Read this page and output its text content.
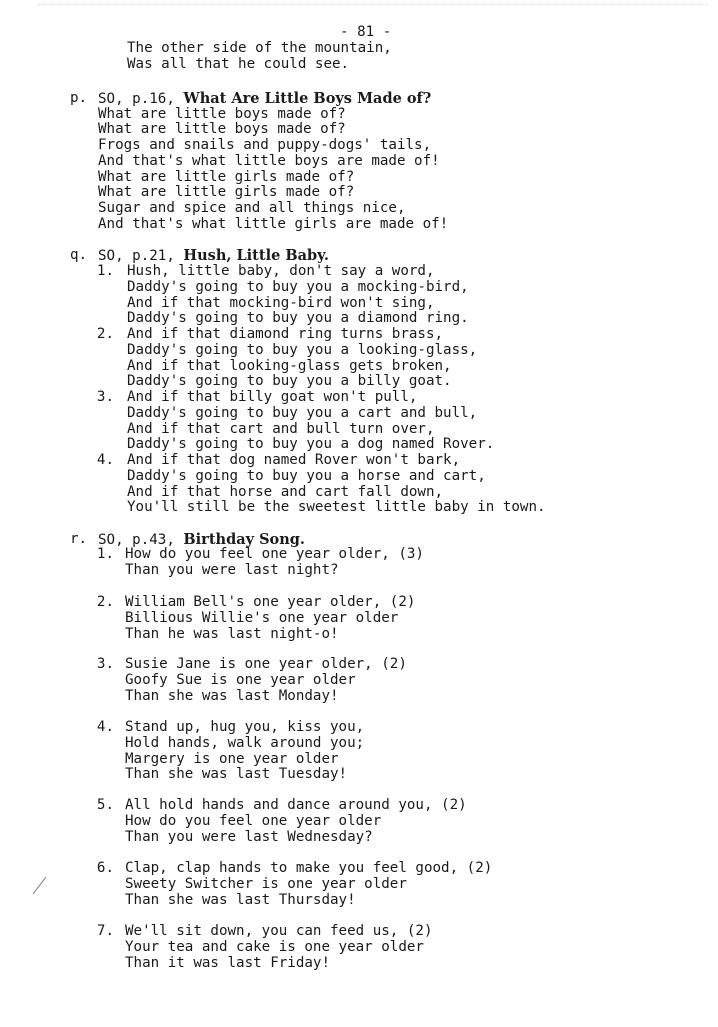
- 81 -
The other side of the mountain,
Was all that he could see.
p. SO, p.16, What Are Little Boys Made of?
What are little boys made of?
What are little boys made of?
Frogs and snails and puppy-dogs' tails,
And that's what little boys are made of!
What are little girls made of?
What are little girls made of?
Sugar and spice and all things nice,
And that's what little girls are made of!
q. SO, p.21, Hush, Little Baby.
1. Hush, little baby, don't say a word,
Daddy's going to buy you a mocking-bird,
And if that mocking-bird won't sing,
Daddy's going to buy you a diamond ring.
2. And if that diamond ring turns brass,
Daddy's going to buy you a looking-glass,
And if that looking-glass gets broken,
Daddy's going to buy you a billy goat.
3. And if that billy goat won't pull,
Daddy's going to buy you a cart and bull,
And if that cart and bull turn over,
Daddy's going to buy you a dog named Rover.
4. And if that dog named Rover won't bark,
Daddy's going to buy you a horse and cart,
And if that horse and cart fall down,
You'll still be the sweetest little baby in town.
r. SO, p.43, Birthday Song.
1. How do you feel one year older, (3)
Than you were last night?
2. William Bell's one year older, (2)
Billious Willie's one year older
Than he was last night-o!
3. Susie Jane is one year older, (2)
Goofy Sue is one year older
Than she was last Monday!
4. Stand up, hug you, kiss you,
Hold hands, walk around you;
Margery is one year older
Than she was last Tuesday!
5. All hold hands and dance around you, (2)
How do you feel one year older
Than you were last Wednesday?
6. Clap, clap hands to make you feel good, (2)
Sweety Switcher is one year older
Than she was last Thursday!
7. We'll sit down, you can feed us, (2)
Your tea and cake is one year older
Than it was last Friday!
